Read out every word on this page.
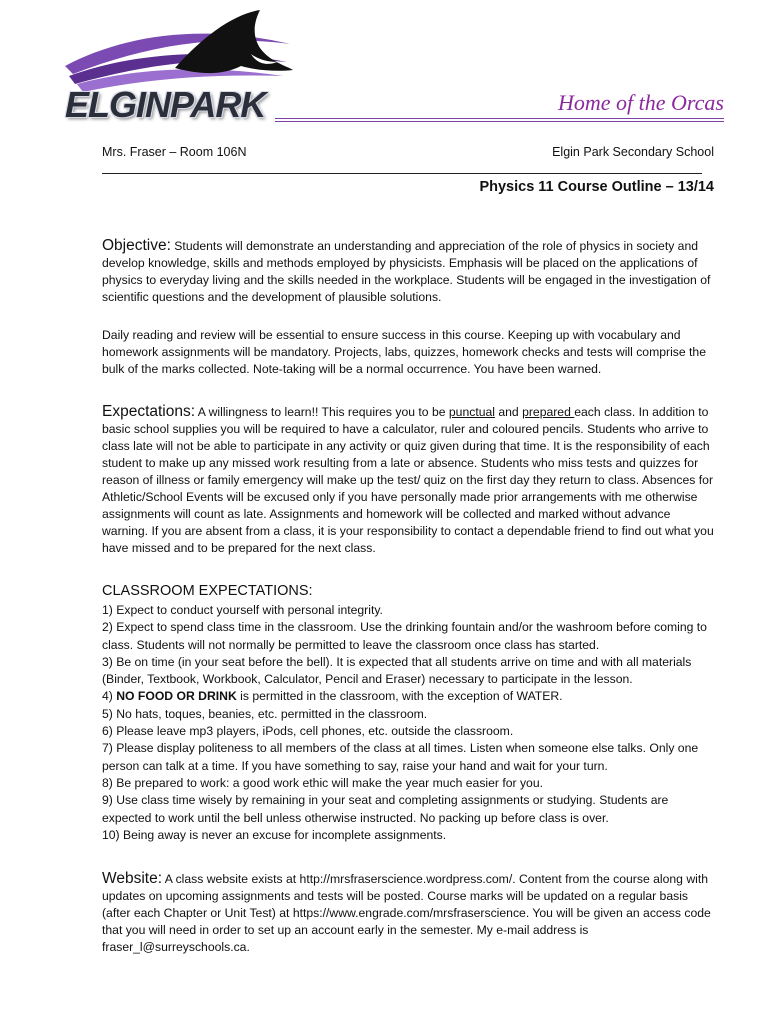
ELGINPARK	Home of the Orcas
Mrs. Fraser – Room 106N	Elgin Park Secondary School
Physics 11 Course Outline – 13/14
Objective: Students will demonstrate an understanding and appreciation of the role of physics in society and develop knowledge, skills and methods employed by physicists. Emphasis will be placed on the applications of physics to everyday living and the skills needed in the workplace. Students will be engaged in the investigation of scientific questions and the development of plausible solutions.
Daily reading and review will be essential to ensure success in this course. Keeping up with vocabulary and homework assignments will be mandatory. Projects, labs, quizzes, homework checks and tests will comprise the bulk of the marks collected. Note-taking will be a normal occurrence. You have been warned.
Expectations: A willingness to learn!! This requires you to be punctual and prepared each class. In addition to basic school supplies you will be required to have a calculator, ruler and coloured pencils. Students who arrive to class late will not be able to participate in any activity or quiz given during that time. It is the responsibility of each student to make up any missed work resulting from a late or absence. Students who miss tests and quizzes for reason of illness or family emergency will make up the test/ quiz on the first day they return to class. Absences for Athletic/School Events will be excused only if you have personally made prior arrangements with me otherwise assignments will count as late. Assignments and homework will be collected and marked without advance warning. If you are absent from a class, it is your responsibility to contact a dependable friend to find out what you have missed and to be prepared for the next class.
CLASSROOM EXPECTATIONS:
1) Expect to conduct yourself with personal integrity.
2) Expect to spend class time in the classroom. Use the drinking fountain and/or the washroom before coming to class. Students will not normally be permitted to leave the classroom once class has started.
3) Be on time (in your seat before the bell). It is expected that all students arrive on time and with all materials (Binder, Textbook, Workbook, Calculator, Pencil and Eraser) necessary to participate in the lesson.
4) NO FOOD OR DRINK is permitted in the classroom, with the exception of WATER.
5) No hats, toques, beanies, etc. permitted in the classroom.
6) Please leave mp3 players, iPods, cell phones, etc. outside the classroom.
7) Please display politeness to all members of the class at all times. Listen when someone else talks. Only one person can talk at a time. If you have something to say, raise your hand and wait for your turn.
8) Be prepared to work: a good work ethic will make the year much easier for you.
9) Use class time wisely by remaining in your seat and completing assignments or studying. Students are expected to work until the bell unless otherwise instructed. No packing up before class is over.
10) Being away is never an excuse for incomplete assignments.
Website: A class website exists at http://mrsfraserscience.wordpress.com/. Content from the course along with updates on upcoming assignments and tests will be posted. Course marks will be updated on a regular basis (after each Chapter or Unit Test) at https://www.engrade.com/mrsfraserscience. You will be given an access code that you will need in order to set up an account early in the semester. My e-mail address is fraser_l@surreyschools.ca.
